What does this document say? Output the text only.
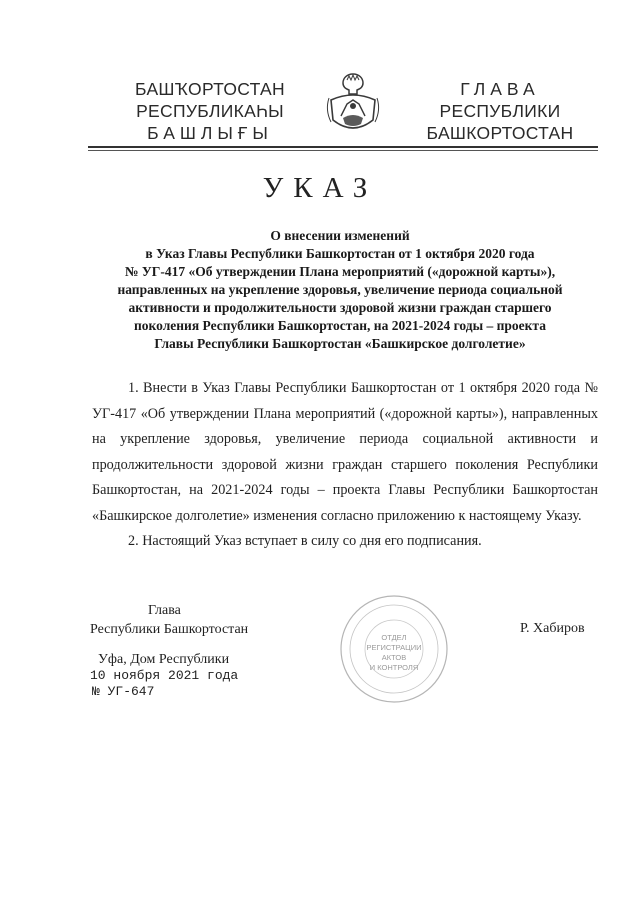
БАШҠОРТОСТАН
РЕСПУБЛИКАҺЫ
БАШЛЫҒЫ
ГЛАВА
РЕСПУБЛИКИ
БАШКОРТОСТАН
УКАЗ
О внесении изменений
в Указ Главы Республики Башкортостан от 1 октября 2020 года
№ УГ-417 «Об утверждении Плана мероприятий («дорожной карты»),
направленных на укрепление здоровья, увеличение периода социальной
активности и продолжительности здоровой жизни граждан старшего
поколения Республики Башкортостан, на 2021-2024 годы – проекта
Главы Республики Башкортостан «Башкирское долголетие»

1. Внести в Указ Главы Республики Башкортостан от 1 октября 2020 года № УГ-417 «Об утверждении Плана мероприятий («дорожной карты»), направленных на укрепление здоровья, увеличение периода социальной активности и продолжительности здоровой жизни граждан старшего поколения Республики Башкортостан, на 2021-2024 годы – проекта Главы Республики Башкортостан «Башкирское долголетие» изменения согласно приложению к настоящему Указу.

2. Настоящий Указ вступает в силу со дня его подписания.

Глава
Республики Башкортостан
ОТДЕЛ
РЕГИСТРАЦИИ АКТОВ
И КОНТРОЛЯ
Р. Хабиров
Уфа, Дом Республики
10 ноября 2021 года
№ УГ-647
